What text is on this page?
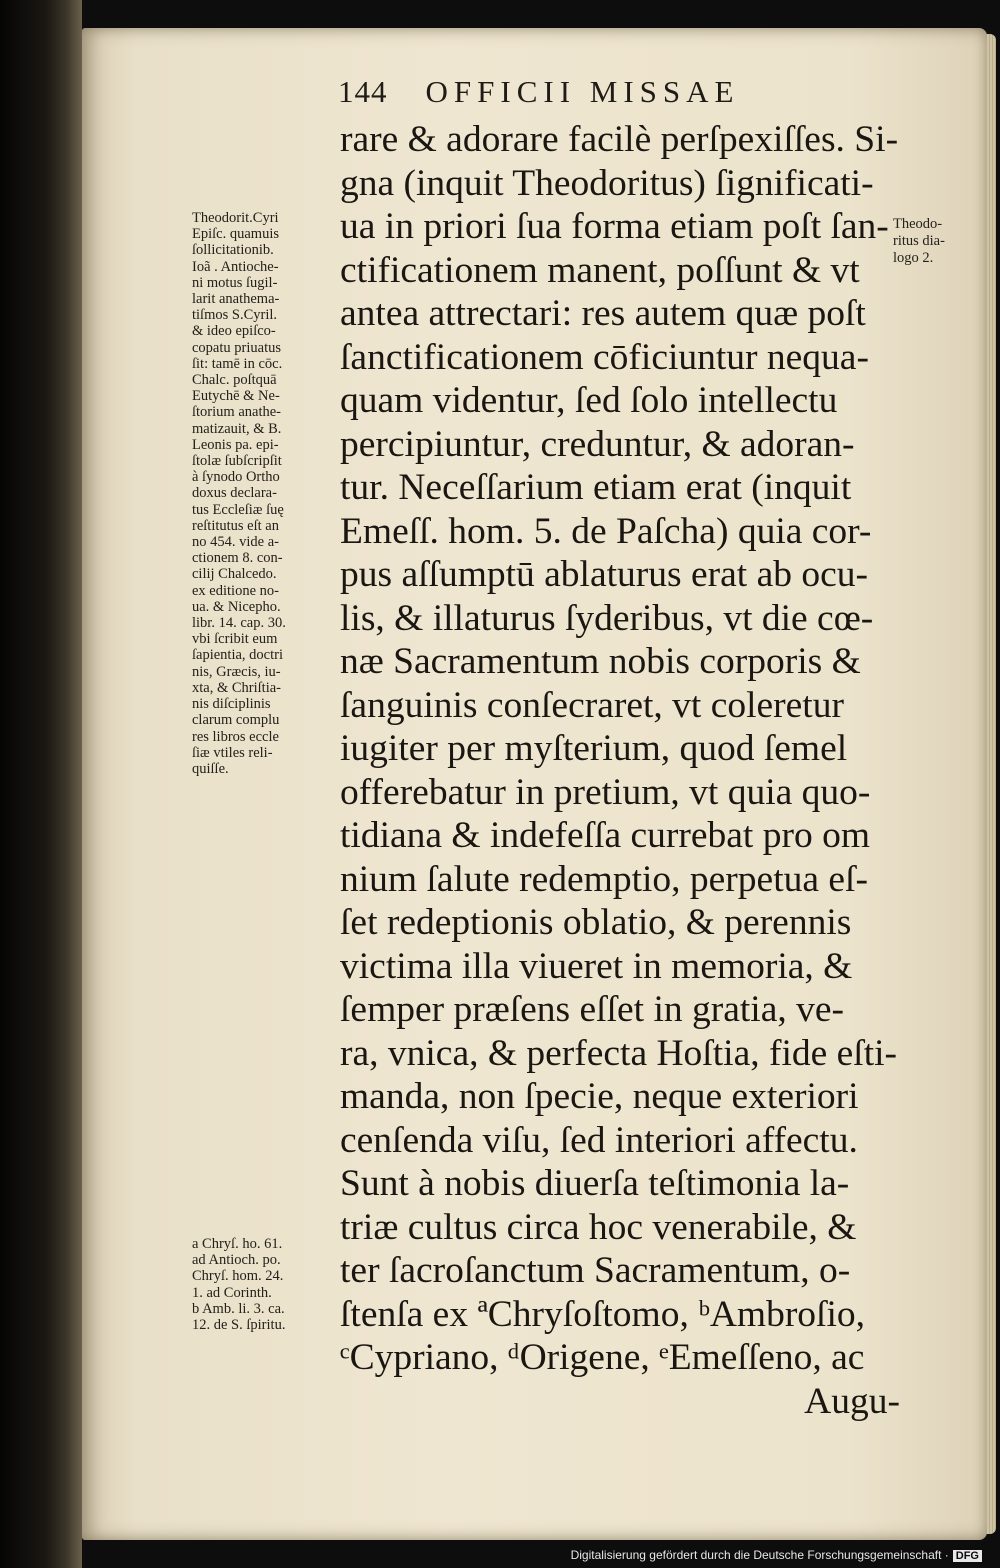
144 OFFICII MISSAE
rare & adorare facilè perſpexiſſes. Si-
gna (inquit Theodoritus) ſignificati-
ua in priori ſua forma etiam poſt ſan-
ctificationem manent, poſſunt & vt
antea attrectari: res autem quæ poſt
ſanctificationem cōficiuntur nequa-
quam videntur, ſed ſolo intellectu
percipiuntur, creduntur, & adoran-
tur. Neceſſarium etiam erat (inquit
Emeſſ. hom. 5. de Paſcha) quia cor-
pus aſſumptū ablaturus erat ab ocu-
lis, & illaturus ſyderibus, vt die cœ-
næ Sacramentum nobis corporis &
ſanguinis conſecraret, vt coleretur
iugiter per myſterium, quod ſemel
offerebatur in pretium, vt quia quo-
tidiana & indefeſſa currebat pro om
nium ſalute redemptio, perpetua eſ-
ſet redeptionis oblatio, & perennis
victima illa viueret in memoria, &
ſemper præſens eſſet in gratia, ve-
ra, vnica, & perfecta Hoſtia, fide eſti-
manda, non ſpecie, neque exteriori
cenſenda viſu, ſed interiori affectu.
Sunt à nobis diuerſa teſtimonia la-
triæ cultus circa hoc venerabile, &
ter ſacroſanctum Sacramentum, o-
ſtenſa ex ªChryſoſtomo, ᵇAmbroſio,
ᶜCypriano, ᵈOrigene, ᵉEmeſſeno, ac
Augu-
Theodorit.Cyri
Epiſc. quamuis
ſollicitationib.
Ioã . Antioche-
ni motus ſugil-
larit anathema-
tiſmos S.Cyril.
& ideo epiſco-
copatu priuatus
ſit: tamē in cōc.
Chalc. poſtquā
Eutychē & Ne-
ſtorium anathe-
matizauit, & B.
Leonis pa. epi-
ſtolæ ſubſcripſit
à ſynodo Ortho
doxus declara-
tus Eccleſiæ ſuę
reſtitutus eſt an
no 454. vide a-
ctionem 8. con-
cilij Chalcedo.
ex editione no-
ua. & Nicepho.
libr. 14. cap. 30.
vbi ſcribit eum
ſapientia, doctri
nis, Græcis, iu-
xta, & Chriſtia-
nis diſciplinis
clarum complu
res libros eccle
ſiæ vtiles reli-
quiſſe.
a Chryſ. ho. 61.
ad Antioch. po.
Chryſ. hom. 24.
1. ad Corinth.
b Amb. li. 3. ca.
12. de S. ſpiritu.
Theodo-
ritus dia-
logo 2.
Digitalisierung gefördert durch die Deutsche Forschungsgemeinschaft · DFG
